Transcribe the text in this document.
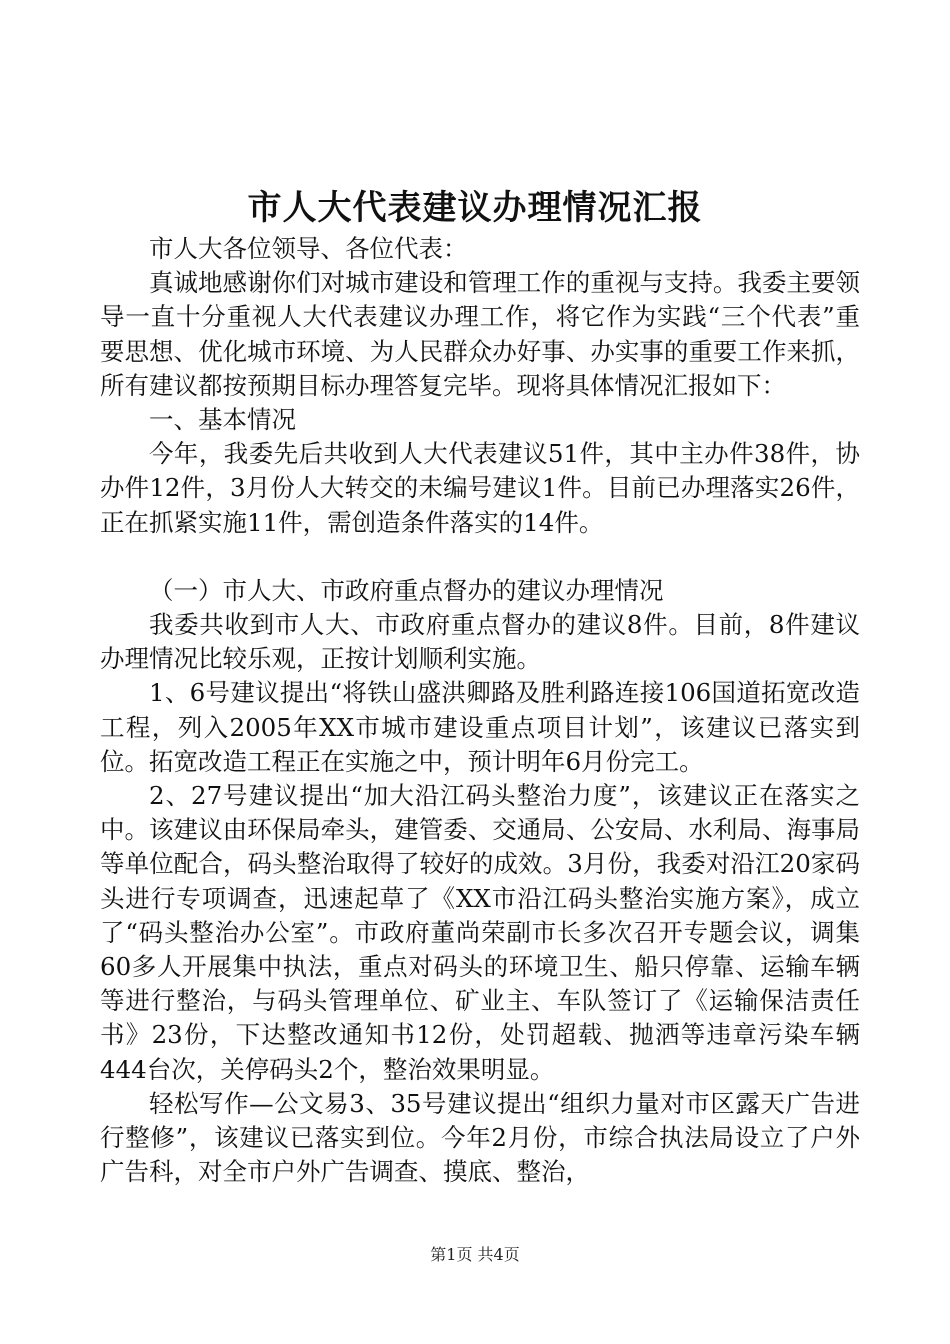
市人大代表建议办理情况汇报

市人大各位领导、各位代表：

真诚地感谢你们对城市建设和管理工作的重视与支持。我委主要领导一直十分重视人大代表建议办理工作，将它作为实践“三个代表”重要思想、优化城市环境、为人民群众办好事、办实事的重要工作来抓，所有建议都按预期目标办理答复完毕。现将具体情况汇报如下：

一、基本情况

今年，我委先后共收到人大代表建议51件，其中主办件38件，协办件12件，3月份人大转交的未编号建议1件。目前已办理落实26件，正在抓紧实施11件，需创造条件落实的14件。

（一）市人大、市政府重点督办的建议办理情况

我委共收到市人大、市政府重点督办的建议8件。目前，8件建议办理情况比较乐观，正按计划顺利实施。

1、6号建议提出“将铁山盛洪卿路及胜利路连接106国道拓宽改造工程，列入2005年XX市城市建设重点项目计划”，该建议已落实到位。拓宽改造工程正在实施之中，预计明年6月份完工。

2、27号建议提出“加大沿江码头整治力度”，该建议正在落实之中。该建议由环保局牵头，建管委、交通局、公安局、水利局、海事局等单位配合，码头整治取得了较好的成效。3月份，我委对沿江20家码头进行专项调查，迅速起草了《XX市沿江码头整治实施方案》，成立了“码头整治办公室”。市政府董尚荣副市长多次召开专题会议，调集60多人开展集中执法，重点对码头的环境卫生、船只停靠、运输车辆等进行整治，与码头管理单位、矿业主、车队签订了《运输保洁责任书》23份，下达整改通知书12份，处罚超载、抛洒等违章污染车辆444台次，关停码头2个，整治效果明显。

轻松写作—公文易3、35号建议提出“组织力量对市区露天广告进行整修”，该建议已落实到位。今年2月份，市综合执法局设立了户外广告科，对全市户外广告调查、摸底、整治，

第1页 共4页
